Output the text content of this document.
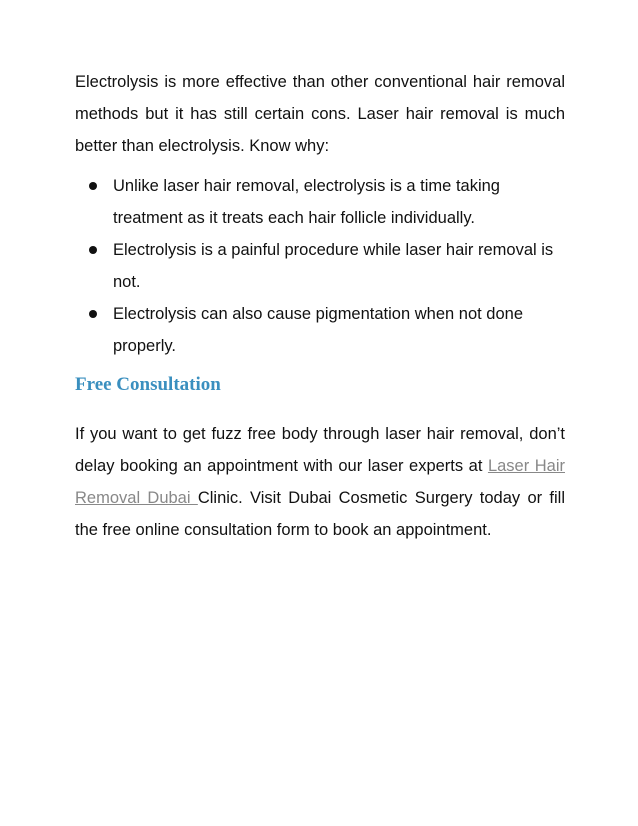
Electrolysis is more effective than other conventional hair removal methods but it has still certain cons. Laser hair removal is much better than electrolysis. Know why:

Unlike laser hair removal, electrolysis is a time taking treatment as it treats each hair follicle individually.
Electrolysis is a painful procedure while laser hair removal is not.
Electrolysis can also cause pigmentation when not done properly.
Free Consultation

If you want to get fuzz free body through laser hair removal, don’t delay booking an appointment with our laser experts at Laser Hair Removal Dubai Clinic. Visit Dubai Cosmetic Surgery today or fill the free online consultation form to book an appointment.
